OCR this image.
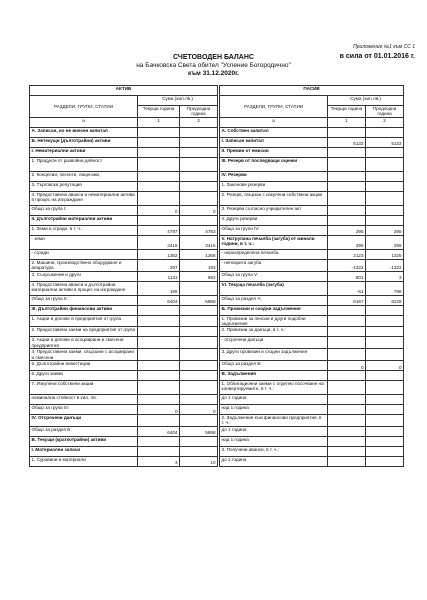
Приложение №1 към СС 1
в сила от 01.01.2016 г.
СЧЕТОВОДЕН БАЛАНС
на Бачковска Света обител "Успение Богородично"
към 31.12.2020г.
АКТИВ				ПАСИВ		
РАЗДЕЛИ, ГРУПИ, СТАТИИ	Сума (хил.лв.)			РАЗДЕЛИ, ГРУПИ, СТАТИИ	Сума (хил.лв.)	
	Текуща година	Предходна година			Текуща година	Предходна година
а	1	2		а	1	2
А. Записан, но не внесен капитал				А. Собствен капитал		
Б. Нетекущи (дълготрайни) активи				I. Записан капитал	5132	5132
I. Нематериални активи				II. Премии от емисии		
1. Продукти от развойна дейност				III. Резерв от последващи оценки		
2. Концесии, патенти, лицензии,				IV. Резерви		
3. Търговска репутация				1. Законови резерви		
4. Предоставени аванси и нематериални активи в процес на изграждане				2. Резерв, свързан с изкупени собствени акции		
Общо за група I:	0	0		3. Резерви съгласно учредителен акт		
II. Дълготрайни материални активи				4. Други резерви		
1. Земи и сгради, в т. ч.:	4797	4783		Общо за група IV:	295	295
- земи	3415	3415		V. Натрупана печалба (загуба) от минали години, в т. ч.:	295	295
- сгради	1382	1368		- неразпределена печалба	2123	1325
2. Машини, производствено оборудване и апаратура	297	193		- непокрита загуба	-1322	-1322
3. Съоръжения и други	1141	982		Общо за група V:	801	3
4. Предоставени аванси и дълготрайни материални активи в процес на изграждане	169			VI. Текуща печалба (загуба)	-61	798
Общо за група II:	6404	5958		Общо за раздел А:	6167	6228
III. Дълготрайни финансови активи				Б. Провизии и сходни задължения		
1. Акции и дялове в предприятия от група				1. Провизии за пенсии и други подобни задължения		
2. Предоставени заеми на предприятия от група				2. Провизии за данъци, в т. ч.:		
3. Акции и дялове в асоциирани и смесени предприятия				- отсрочени данъци		
4. Предоставени заеми, свързани с асоциирани и смесени				3. Други провизии и сходни задължения		
5. Дълготрайни инвестиции				Общо за раздел Б:	0	0
6. Други заеми				В. Задължения		
7. Изкупени собствени акции				1. Облигационни заеми с отделно посочване на конвертируемите, в т. ч.:		
номинална стойност в хил. лв.				до 1 година		
Общо за група III:	0	0		над 1 година		
IV. Отсрочени данъци				2. Задължения към финансови предприятия, в т. ч.:		
Общо за раздел Б:	6404	5958		до 1 година		
В. Текущи (краткотрайни) активи				над 1 година		
I. Материални запаси				3. Получени аванси, в т. ч.:		
1. Суровини и материали	3	10		до 1 година		
